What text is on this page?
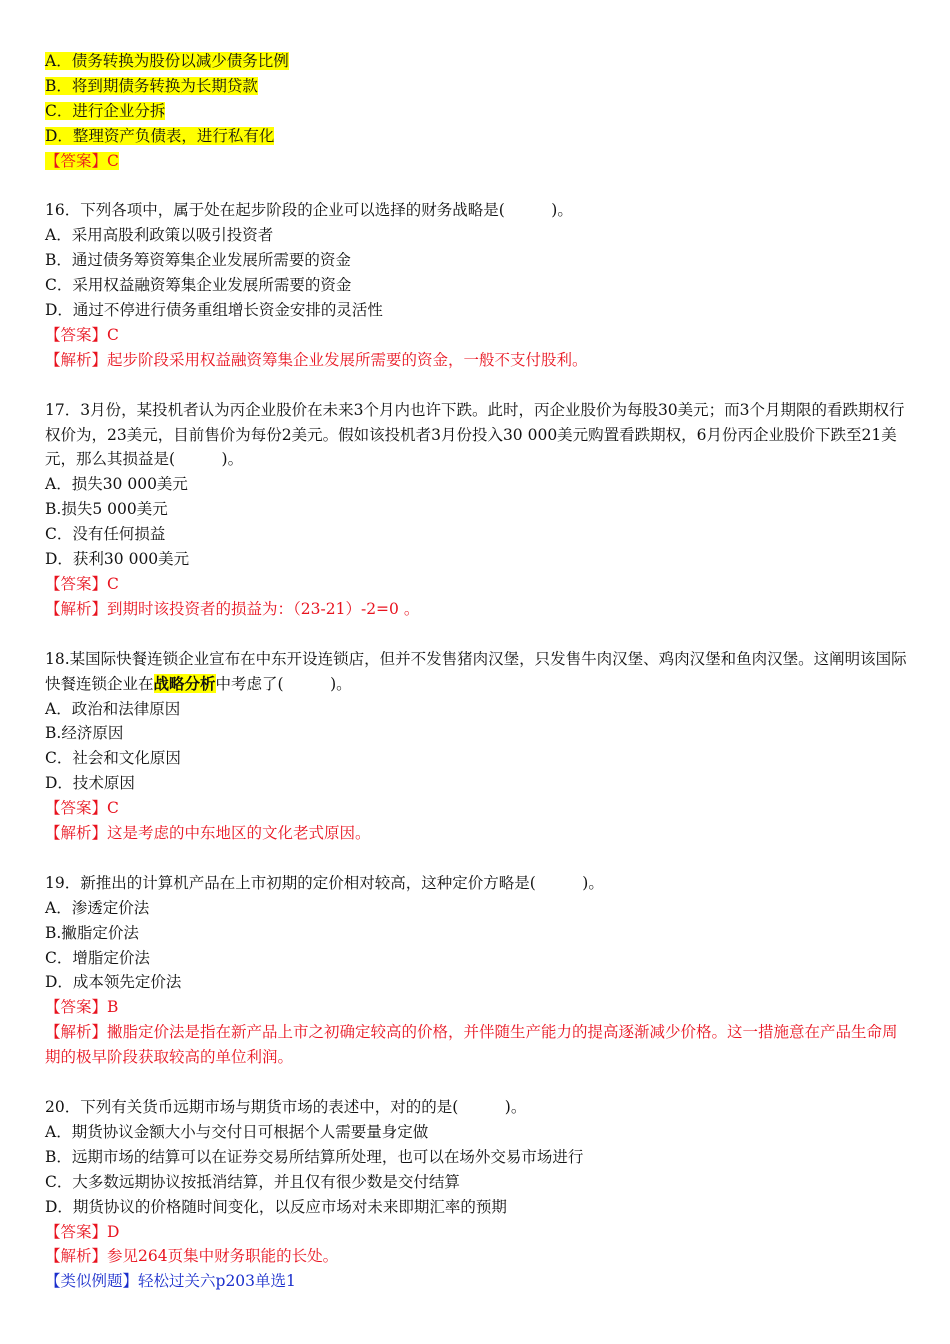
A．债务转换为股份以减少债务比例
B．将到期债务转换为长期贷款
C．进行企业分拆
D．整理资产负债表，进行私有化
【答案】C
16．下列各项中，属于处在起步阶段的企业可以选择的财务战略是(　　　)。
A．采用高股利政策以吸引投资者
B．通过债务筹资筹集企业发展所需要的资金
C．采用权益融资筹集企业发展所需要的资金
D．通过不停进行债务重组增长资金安排的灵活性
【答案】C
【解析】起步阶段采用权益融资筹集企业发展所需要的资金，一般不支付股利。
17．3月份，某投机者认为丙企业股价在未来3个月内也许下跌。此时，丙企业股价为每股30美元；而3个月期限的看跌期权行权价为，23美元，目前售价为每份2美元。假如该投机者3月份投入30 000美元购置看跌期权，6月份丙企业股价下跌至21美元，那么其损益是(　　　)。
A．损失30 000美元
B.损失5 000美元
C．没有任何损益
D．获利30 000美元
【答案】C
【解析】到期时该投资者的损益为：（23-21）-2=0 。
18.某国际快餐连锁企业宣布在中东开设连锁店，但并不发售猪肉汉堡，只发售牛肉汉堡、鸡肉汉堡和鱼肉汉堡。这阐明该国际快餐连锁企业在战略分析中考虑了(　　　)。
A．政治和法律原因
B.经济原因
C．社会和文化原因
D．技术原因
【答案】C
【解析】这是考虑的中东地区的文化老式原因。
19．新推出的计算机产品在上市初期的定价相对较高，这种定价方略是(　　　)。
A．渗透定价法
B.撇脂定价法
C．增脂定价法
D．成本领先定价法
【答案】B
【解析】撇脂定价法是指在新产品上市之初确定较高的价格，并伴随生产能力的提高逐渐减少价格。这一措施意在产品生命周期的极早阶段获取较高的单位利润。
20．下列有关货币远期市场与期货市场的表述中，对的的是(　　　)。
A．期货协议金额大小与交付日可根据个人需要量身定做
B．远期市场的结算可以在证券交易所结算所处理，也可以在场外交易市场进行
C．大多数远期协议按抵消结算，并且仅有很少数是交付结算
D．期货协议的价格随时间变化，以反应市场对未来即期汇率的预期
【答案】D
【解析】参见264页集中财务职能的长处。
【类似例题】轻松过关六p203单选1
